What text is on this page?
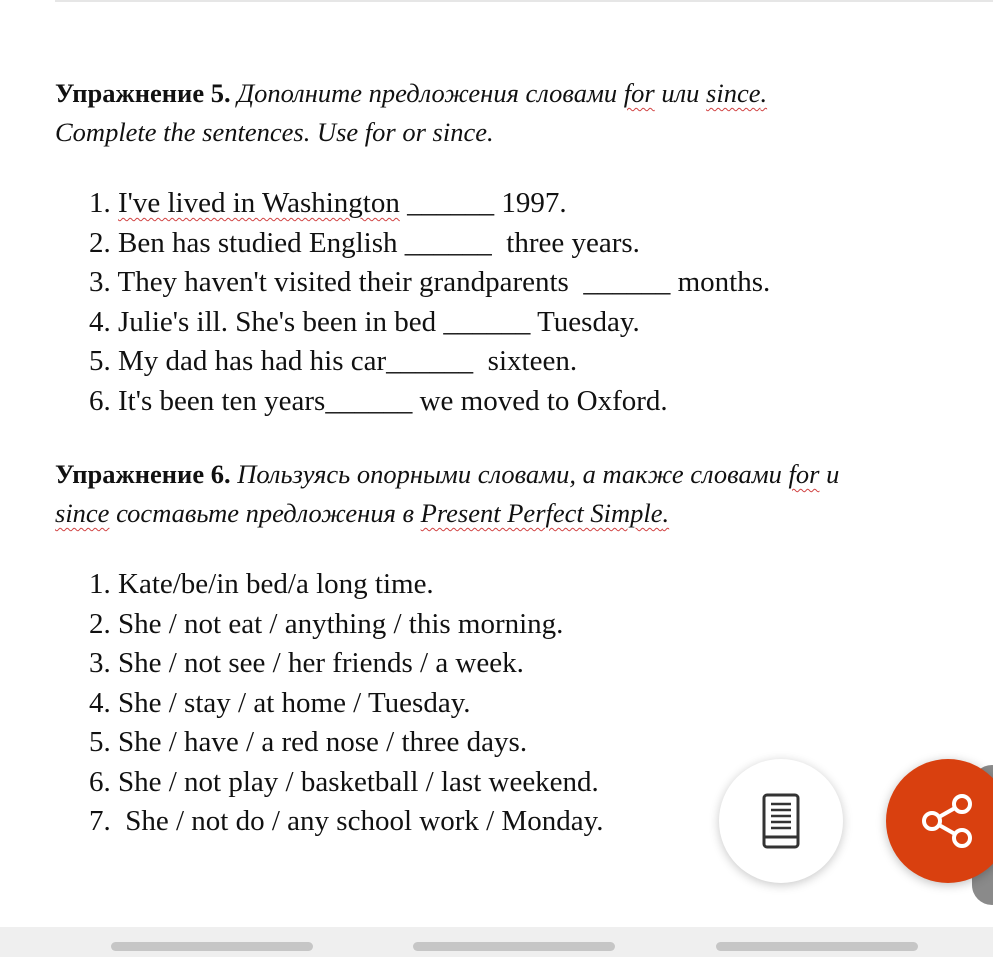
Упражнение 5. Дополните предложения словами for или since.
Complete the sentences. Use for or since.

1. I've lived in Washington ______ 1997.
2. Ben has studied English ______  three years.
3. They haven't visited their grandparents  ______ months.
4. Julie's ill. She's been in bed ______ Tuesday.
5. My dad has had his car______  sixteen.
6. It's been ten years______ we moved to Oxford.

Упражнение 6. Пользуясь опорными словами, а также словами for и
since составьте предложения в Present Perfect Simple.

1. Kate/be/in bed/a long time.
2. She / not eat / anything / this morning.
3. She / not see / her friends / a week.
4. She / stay / at home / Tuesday.
5. She / have / a red nose / three days.
6. She / not play / basketball / last weekend.
7.  She / not do / any school work / Monday.
